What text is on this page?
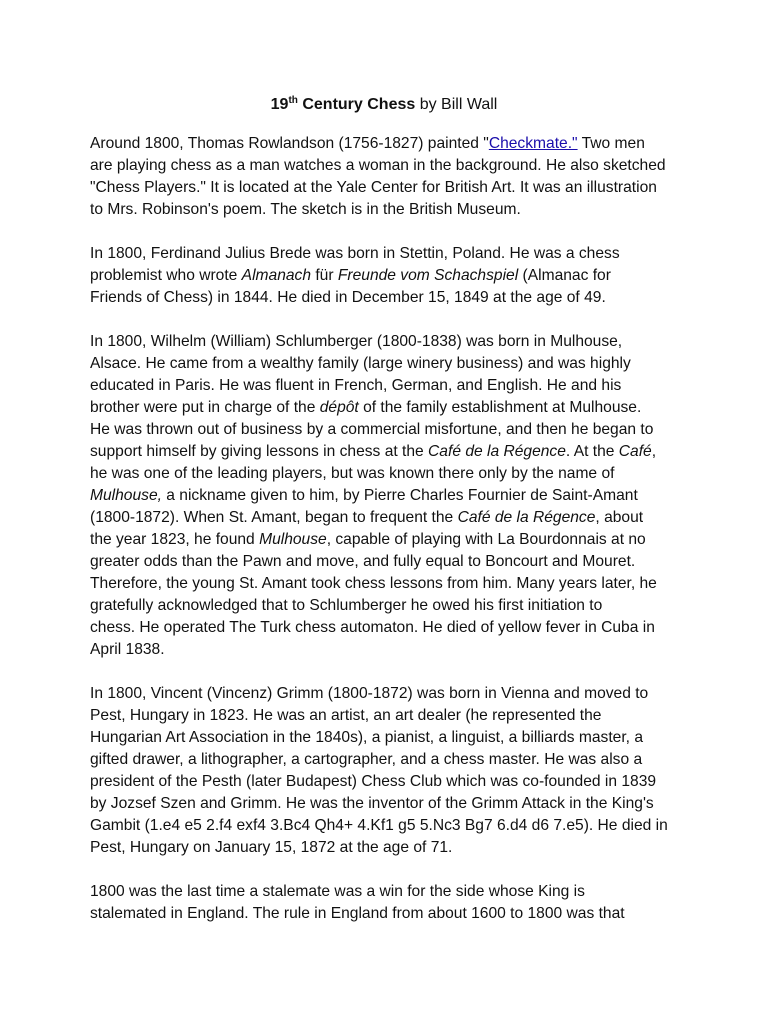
19th Century Chess by Bill Wall

Around 1800, Thomas Rowlandson (1756-1827) painted "Checkmate." Two men
are playing chess as a man watches a woman in the background. He also sketched
"Chess Players." It is located at the Yale Center for British Art. It was an illustration
to Mrs. Robinson's poem. The sketch is in the British Museum.

In 1800, Ferdinand Julius Brede was born in Stettin, Poland. He was a chess
problemist who wrote Almanach für Freunde vom Schachspiel (Almanac for
Friends of Chess) in 1844. He died in December 15, 1849 at the age of 49.

In 1800, Wilhelm (William) Schlumberger (1800-1838) was born in Mulhouse,
Alsace. He came from a wealthy family (large winery business) and was highly
educated in Paris. He was fluent in French, German, and English. He and his
brother were put in charge of the dépôt of the family establishment at Mulhouse.
He was thrown out of business by a commercial misfortune, and then he began to
support himself by giving lessons in chess at the Café de la Régence. At the Café,
he was one of the leading players, but was known there only by the name of
Mulhouse, a nickname given to him, by Pierre Charles Fournier de Saint-Amant
(1800-1872). When St. Amant, began to frequent the Café de la Régence, about
the year 1823, he found Mulhouse, capable of playing with La Bourdonnais at no
greater odds than the Pawn and move, and fully equal to Boncourt and Mouret.
Therefore, the young St. Amant took chess lessons from him. Many years later, he
gratefully acknowledged that to Schlumberger he owed his first initiation to
chess. He operated The Turk chess automaton. He died of yellow fever in Cuba in
April 1838.

In 1800, Vincent (Vincenz) Grimm (1800-1872) was born in Vienna and moved to
Pest, Hungary in 1823. He was an artist, an art dealer (he represented the
Hungarian Art Association in the 1840s), a pianist, a linguist, a billiards master, a
gifted drawer, a lithographer, a cartographer, and a chess master. He was also a
president of the Pesth (later Budapest) Chess Club which was co-founded in 1839
by Jozsef Szen and Grimm. He was the inventor of the Grimm Attack in the King's
Gambit (1.e4 e5 2.f4 exf4 3.Bc4 Qh4+ 4.Kf1 g5 5.Nc3 Bg7 6.d4 d6 7.e5). He died in
Pest, Hungary on January 15, 1872 at the age of 71.

1800 was the last time a stalemate was a win for the side whose King is
stalemated in England. The rule in England from about 1600 to 1800 was that
